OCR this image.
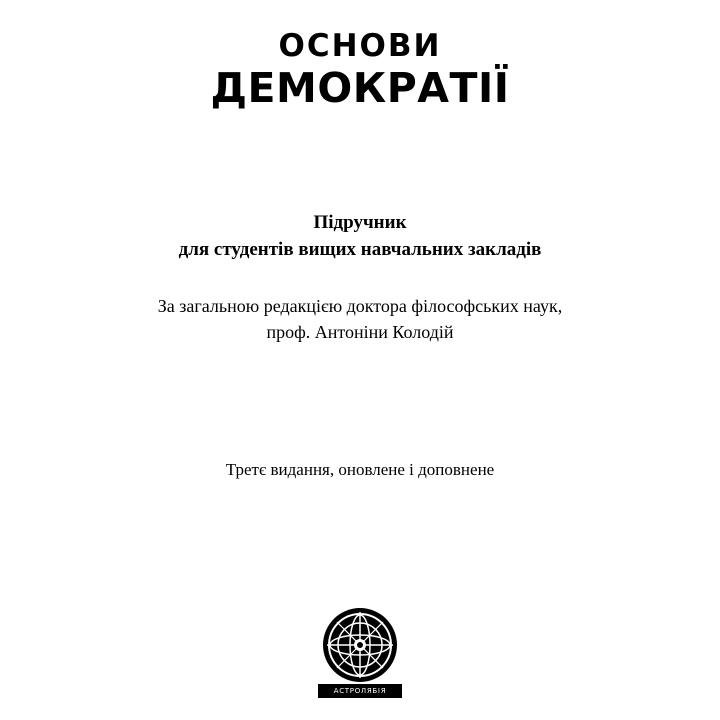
ОСНОВИ
ДЕМОКРАТІЇ
Підручник
для студентів вищих навчальних закладів
За загальною редакцією доктора філософських наук,
проф. Антоніни Колодій
Третє видання, оновлене і доповнене
АСТРОЛЯБІЯ
